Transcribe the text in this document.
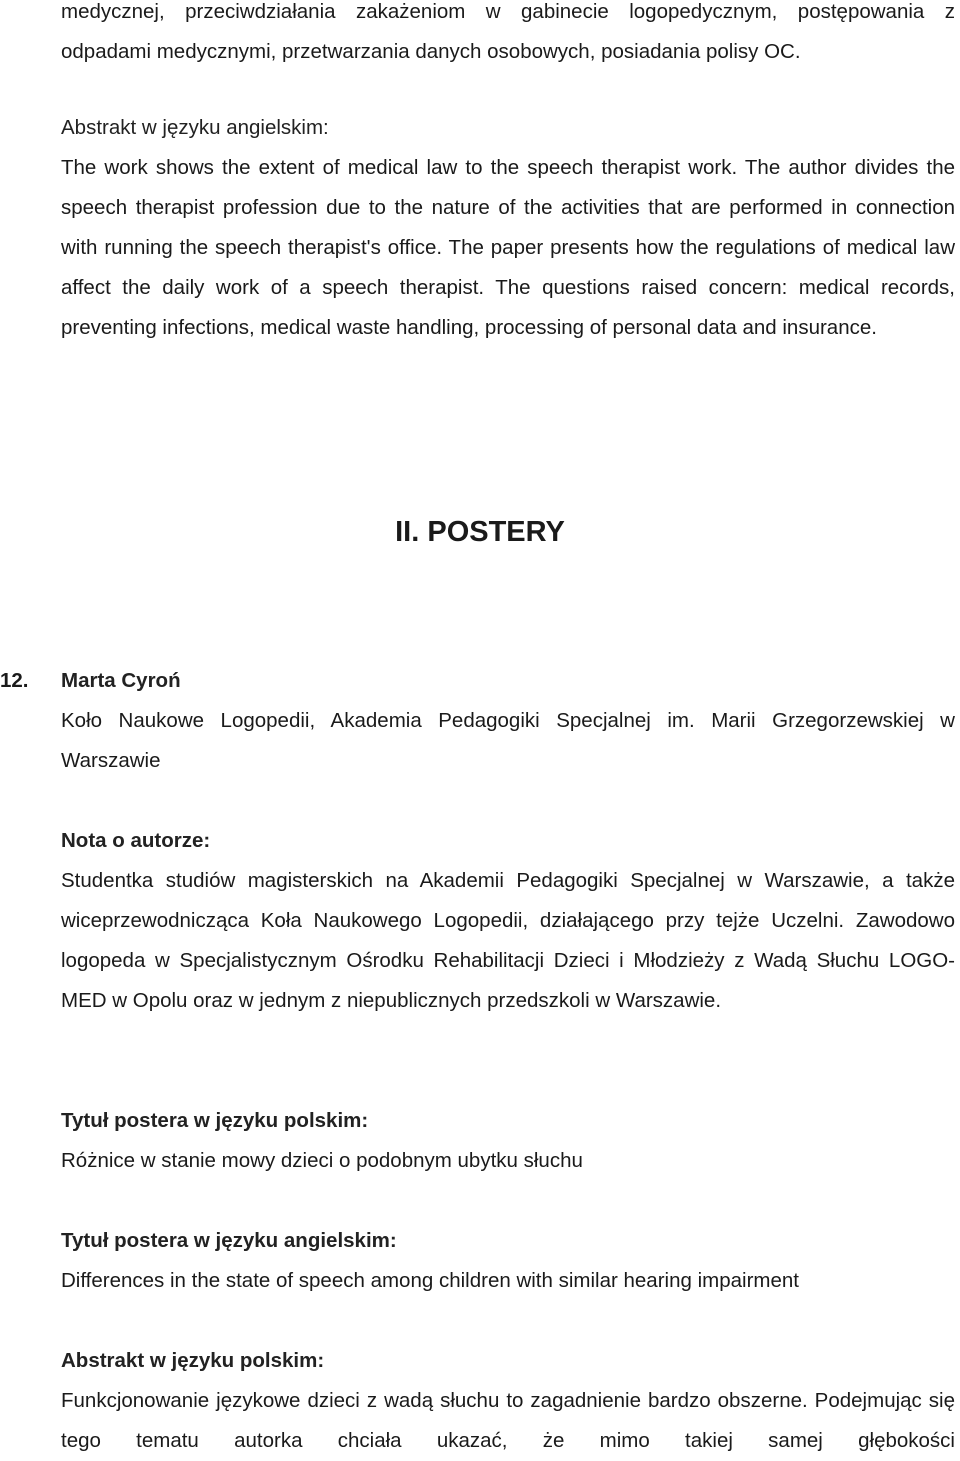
medycznej, przeciwdziałania zakażeniom w gabinecie logopedycznym, postępowania z

odpadami medycznymi, przetwarzania danych osobowych, posiadania polisy OC.

Abstrakt w języku angielskim:

The work shows the extent of medical law to the speech therapist work. The author divides the speech therapist profession due to the nature of the activities that are performed in connection with running the speech therapist's office. The paper presents how the regulations of medical law affect the daily work of a speech therapist. The questions raised concern: medical records, preventing infections, medical waste handling, processing of personal data and insurance.

II. POSTERY

12. Marta Cyroń

Koło Naukowe Logopedii, Akademia Pedagogiki Specjalnej im. Marii Grzegorzewskiej w Warszawie

Nota o autorze:

Studentka studiów magisterskich na Akademii Pedagogiki Specjalnej w Warszawie, a także wiceprzewodnicząca Koła Naukowego Logopedii, działającego przy tejże Uczelni. Zawodowo logopeda w Specjalistycznym Ośrodku Rehabilitacji Dzieci i Młodzieży z Wadą Słuchu LOGO-MED w Opolu oraz w jednym z niepublicznych przedszkoli w Warszawie.

Tytuł postera w języku polskim:

Różnice w stanie mowy dzieci o podobnym ubytku słuchu

Tytuł postera w języku angielskim:

Differences in the state of speech among children with similar hearing impairment

Abstrakt w języku polskim:

Funkcjonowanie językowe dzieci z wadą słuchu to zagadnienie bardzo obszerne. Podejmując się tego tematu autorka chciała ukazać, że mimo takiej samej głębokości
